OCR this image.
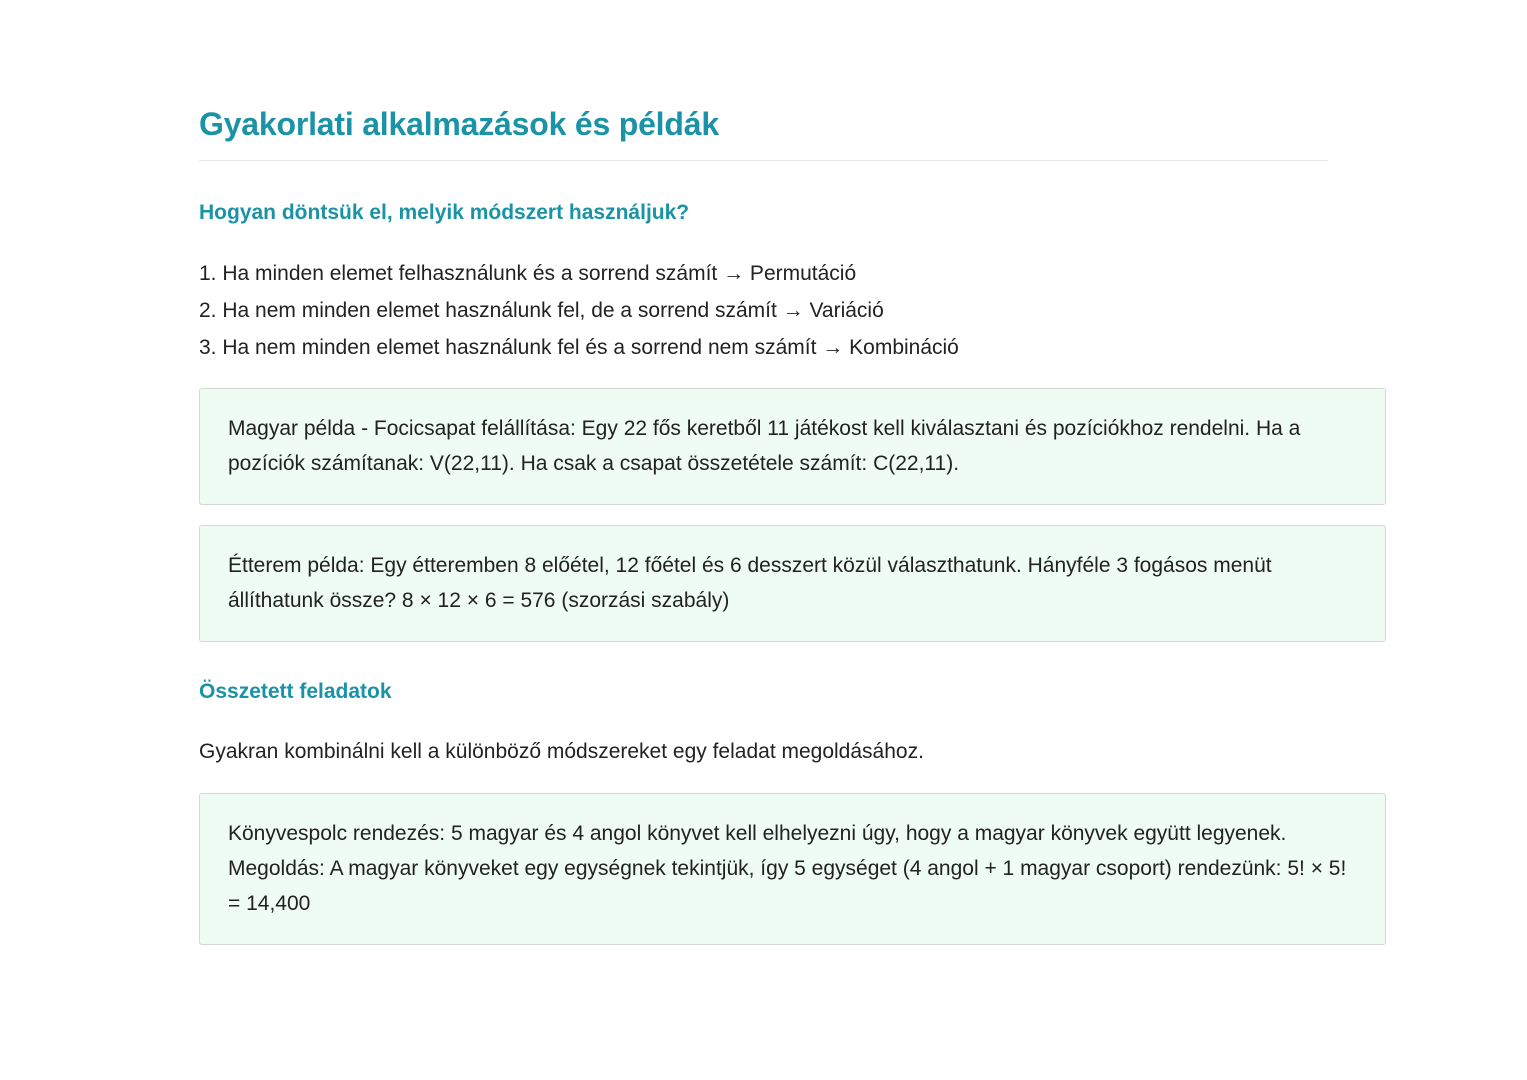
Gyakorlati alkalmazások és példák
Hogyan döntsük el, melyik módszert használjuk?
1. Ha minden elemet felhasználunk és a sorrend számít → Permutáció
2. Ha nem minden elemet használunk fel, de a sorrend számít → Variáció
3. Ha nem minden elemet használunk fel és a sorrend nem számít → Kombináció
Magyar példa - Focicsapat felállítása: Egy 22 fős keretből 11 játékost kell kiválasztani és pozíciókhoz rendelni. Ha a pozíciók számítanak: V(22,11). Ha csak a csapat összetétele számít: C(22,11).
Étterem példa: Egy étteremben 8 előétel, 12 főétel és 6 desszert közül választhatunk. Hányféle 3 fogásos menüt állíthatunk össze? 8 × 12 × 6 = 576 (szorzási szabály)
Összetett feladatok

Gyakran kombinálni kell a különböző módszereket egy feladat megoldásához.

Könyvespolc rendezés: 5 magyar és 4 angol könyvet kell elhelyezni úgy, hogy a magyar könyvek együtt legyenek. Megoldás: A magyar könyveket egy egységnek tekintjük, így 5 egységet (4 angol + 1 magyar csoport) rendezünk: 5! × 5! = 14,400
